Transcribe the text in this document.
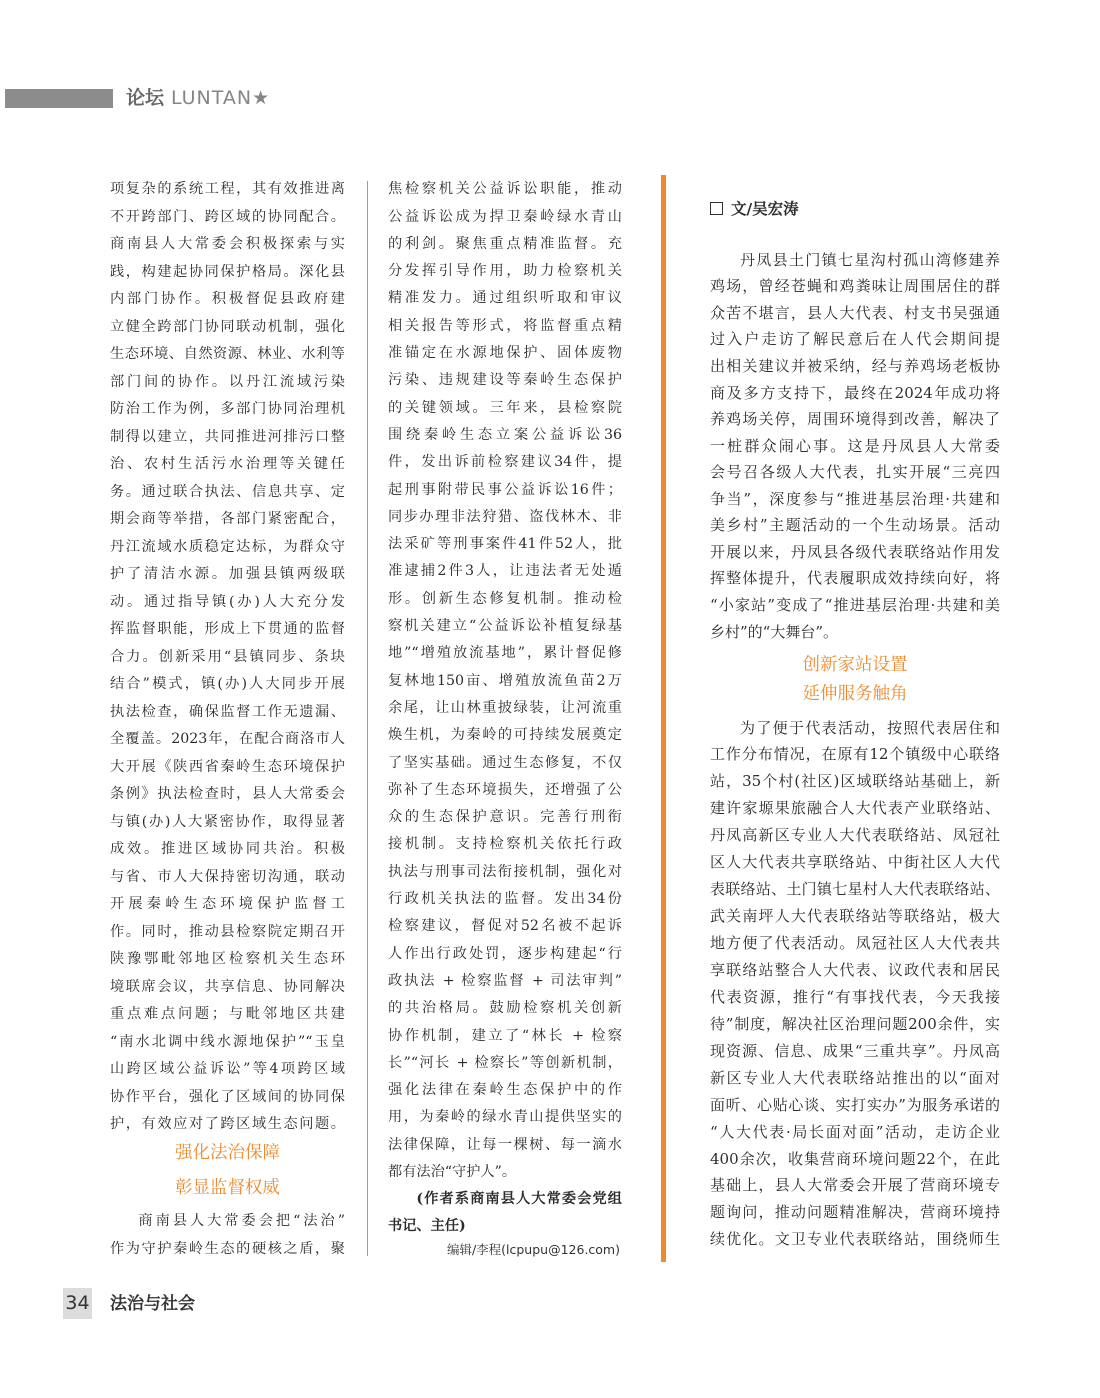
论坛 LUNTAN★
项复杂的系统工程，其有效推进离
不开跨部门、跨区域的协同配合。
商南县人大常委会积极探索与实
践，构建起协同保护格局。深化县
内部门协作。积极督促县政府建
立健全跨部门协同联动机制，强化
生态环境、自然资源、林业、水利等
部门间的协作。以丹江流域污染
防治工作为例，多部门协同治理机
制得以建立，共同推进河排污口整
治、农村生活污水治理等关键任
务。通过联合执法、信息共享、定
期会商等举措，各部门紧密配合，
丹江流域水质稳定达标，为群众守
护了清洁水源。加强县镇两级联
动。通过指导镇(办)人大充分发
挥监督职能，形成上下贯通的监督
合力。创新采用“县镇同步、条块
结合”模式，镇(办)人大同步开展
执法检查，确保监督工作无遗漏、
全覆盖。2023年，在配合商洛市人
大开展《陕西省秦岭生态环境保护
条例》执法检查时，县人大常委会
与镇(办)人大紧密协作，取得显著
成效。推进区域协同共治。积极
与省、市人大保持密切沟通，联动
开展秦岭生态环境保护监督工
作。同时，推动县检察院定期召开
陕豫鄂毗邻地区检察机关生态环
境联席会议，共享信息、协同解决
重点难点问题；与毗邻地区共建
“南水北调中线水源地保护”“玉皇
山跨区域公益诉讼”等4项跨区域
协作平台，强化了区域间的协同保
护，有效应对了跨区域生态问题。
强化法治保障
彰显监督权威
商南县人大常委会把“法治”
作为守护秦岭生态的硬核之盾，聚
焦检察机关公益诉讼职能，推动
公益诉讼成为捍卫秦岭绿水青山
的利剑。聚焦重点精准监督。充
分发挥引导作用，助力检察机关
精准发力。通过组织听取和审议
相关报告等形式，将监督重点精
准锚定在水源地保护、固体废物
污染、违规建设等秦岭生态保护
的关键领域。三年来，县检察院
围绕秦岭生态立案公益诉讼36
件，发出诉前检察建议34件，提
起刑事附带民事公益诉讼16件；
同步办理非法狩猎、盗伐林木、非
法采矿等刑事案件41件52人，批
准逮捕2件3人，让违法者无处遁
形。创新生态修复机制。推动检
察机关建立“公益诉讼补植复绿基
地”“增殖放流基地”，累计督促修
复林地150亩、增殖放流鱼苗2万
余尾，让山林重披绿装，让河流重
焕生机，为秦岭的可持续发展奠定
了坚实基础。通过生态修复，不仅
弥补了生态环境损失，还增强了公
众的生态保护意识。完善行刑衔
接机制。支持检察机关依托行政
执法与刑事司法衔接机制，强化对
行政机关执法的监督。发出34份
检察建议，督促对52名被不起诉
人作出行政处罚，逐步构建起“行
政执法 + 检察监督 + 司法审判”
的共治格局。鼓励检察机关创新
协作机制，建立了“林长 + 检察
长”“河长 + 检察长”等创新机制，
强化法律在秦岭生态保护中的作
用，为秦岭的绿水青山提供坚实的
法律保障，让每一棵树、每一滴水
都有法治“守护人”。
(作者系商南县人大常委会党组
书记、主任)
编辑/李程(lcpupu@126.com)
文/吴宏涛
丹凤县土门镇七星沟村孤山湾修建养
鸡场，曾经苍蝇和鸡粪味让周围居住的群
众苦不堪言，县人大代表、村支书吴强通
过入户走访了解民意后在人代会期间提
出相关建议并被采纳，经与养鸡场老板协
商及多方支持下，最终在2024年成功将
养鸡场关停，周围环境得到改善，解决了
一桩群众闹心事。这是丹凤县人大常委
会号召各级人大代表，扎实开展“三亮四
争当”，深度参与“推进基层治理·共建和
美乡村”主题活动的一个生动场景。活动
开展以来，丹凤县各级代表联络站作用发
挥整体提升，代表履职成效持续向好，将
“小家站”变成了“推进基层治理·共建和美
乡村”的“大舞台”。
创新家站设置
延伸服务触角
为了便于代表活动，按照代表居住和
工作分布情况，在原有12个镇级中心联络
站，35个村(社区)区域联络站基础上，新
建许家塬果旅融合人大代表产业联络站、
丹凤高新区专业人大代表联络站、凤冠社
区人大代表共享联络站、中街社区人大代
表联络站、土门镇七星村人大代表联络站、
武关南坪人大代表联络站等联络站，极大
地方便了代表活动。凤冠社区人大代表共
享联络站整合人大代表、议政代表和居民
代表资源，推行“有事找代表，今天我接
待”制度，解决社区治理问题200余件，实
现资源、信息、成果“三重共享”。丹凤高
新区专业人大代表联络站推出的以“面对
面听、心贴心谈、实打实办”为服务承诺的
“人大代表·局长面对面”活动，走访企业
400余次，收集营商环境问题22个，在此
基础上，县人大常委会开展了营商环境专
题询问，推动问题精准解决，营商环境持
续优化。文卫专业代表联络站，围绕师生
34 法治与社会
